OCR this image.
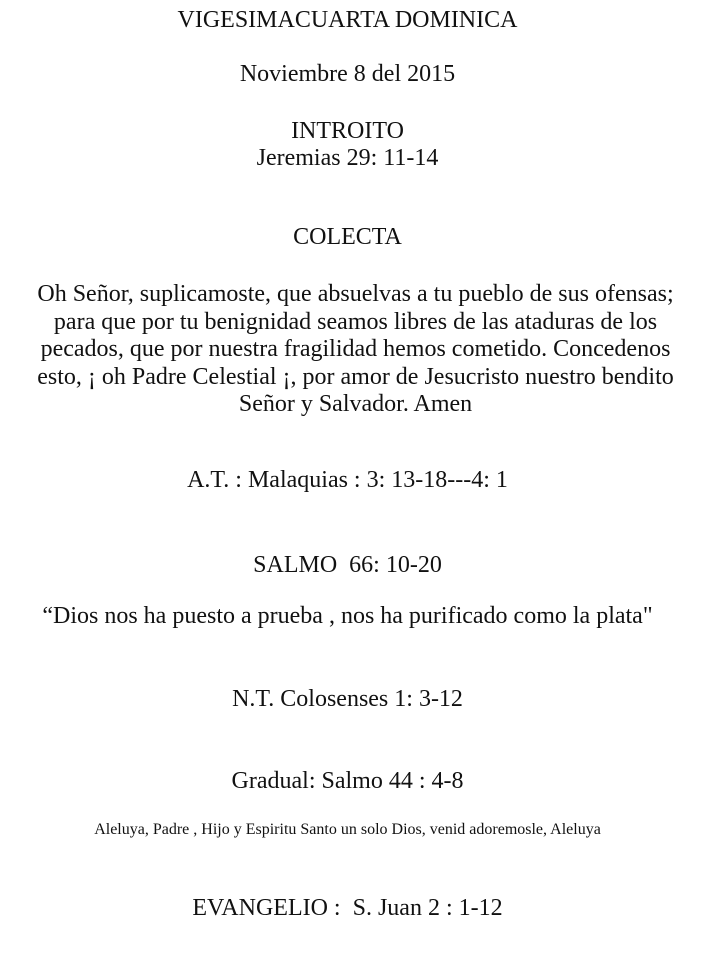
VIGESIMACUARTA DOMINICA
Noviembre 8 del 2015
INTROITO
Jeremias 29: 11-14
COLECTA
Oh Señor, suplicamoste, que absuelvas a tu pueblo de sus ofensas;
para que por tu benignidad seamos libres de las ataduras de los
pecados, que por nuestra fragilidad hemos cometido. Concedenos
esto, ¡ oh Padre Celestial ¡, por amor de Jesucristo nuestro bendito
Señor y Salvador. Amen
A.T. : Malaquias : 3: 13-18---4: 1
SALMO  66: 10-20
“Dios nos ha puesto a prueba , nos ha purificado como la plata"
N.T. Colosenses 1: 3-12
Gradual: Salmo 44 : 4-8
Aleluya, Padre , Hijo y Espiritu Santo un solo Dios, venid adoremosle, Aleluya
EVANGELIO :  S. Juan 2 : 1-12
